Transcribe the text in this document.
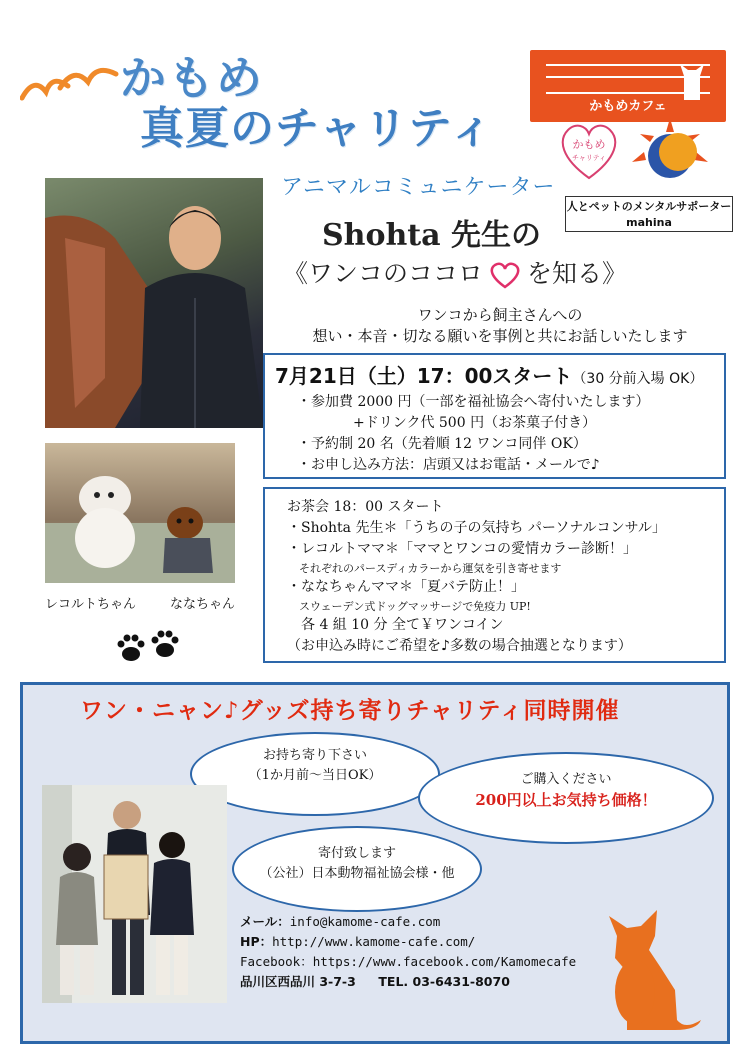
かもめ
真夏のチャリティ	かもめカフェ
かもめ
チャリティ
人とペットのメンタルサポーター
mahina
レコルトちゃん	ななちゃん
アニマルコミュニケーター
Shohta 先生の
《ワンコのココロ を知る》
ワンコから飼主さんへの
想い・本音・切なる願いを事例と共にお話しいたします
7月21日（土）17：00スタート（30 分前入場 OK）
・参加費 2000 円（一部を福祉協会へ寄付いたします）
　　　　+ドリンク代 500 円（お茶菓子付き）
・予約制 20 名（先着順 12 ワンコ同伴 OK）
・お申し込み方法：店頭又はお電話・メールで♪
お茶会 18：00 スタート
・Shohta 先生＊「うちの子の気持ち パーソナルコンサル」
・レコルトママ＊「ママとワンコの愛情カラー診断！」
それぞれのパースディカラーから運気を引き寄せます
・ななちゃんママ＊「夏バテ防止！」
スウェーデン式ドッグマッサージで免疫力 UP!
　各 4 組 10 分 全て￥ワンコイン
（お申込み時にご希望を♪多数の場合抽選となります）
ワン・ニャン♪グッズ持ち寄りチャリティ同時開催
お持ち寄り下さい
（1か月前～当日OK）	ご購入ください
200円以上お気持ち価格！
寄付致します
（公社）日本動物福祉協会様・他
メール：info@kamome-cafe.com
HP：http://www.kamome-cafe.com/
Facebook：https://www.facebook.com/Kamomecafe
品川区西品川 3-7-3 TEL. 03-6431-8070
